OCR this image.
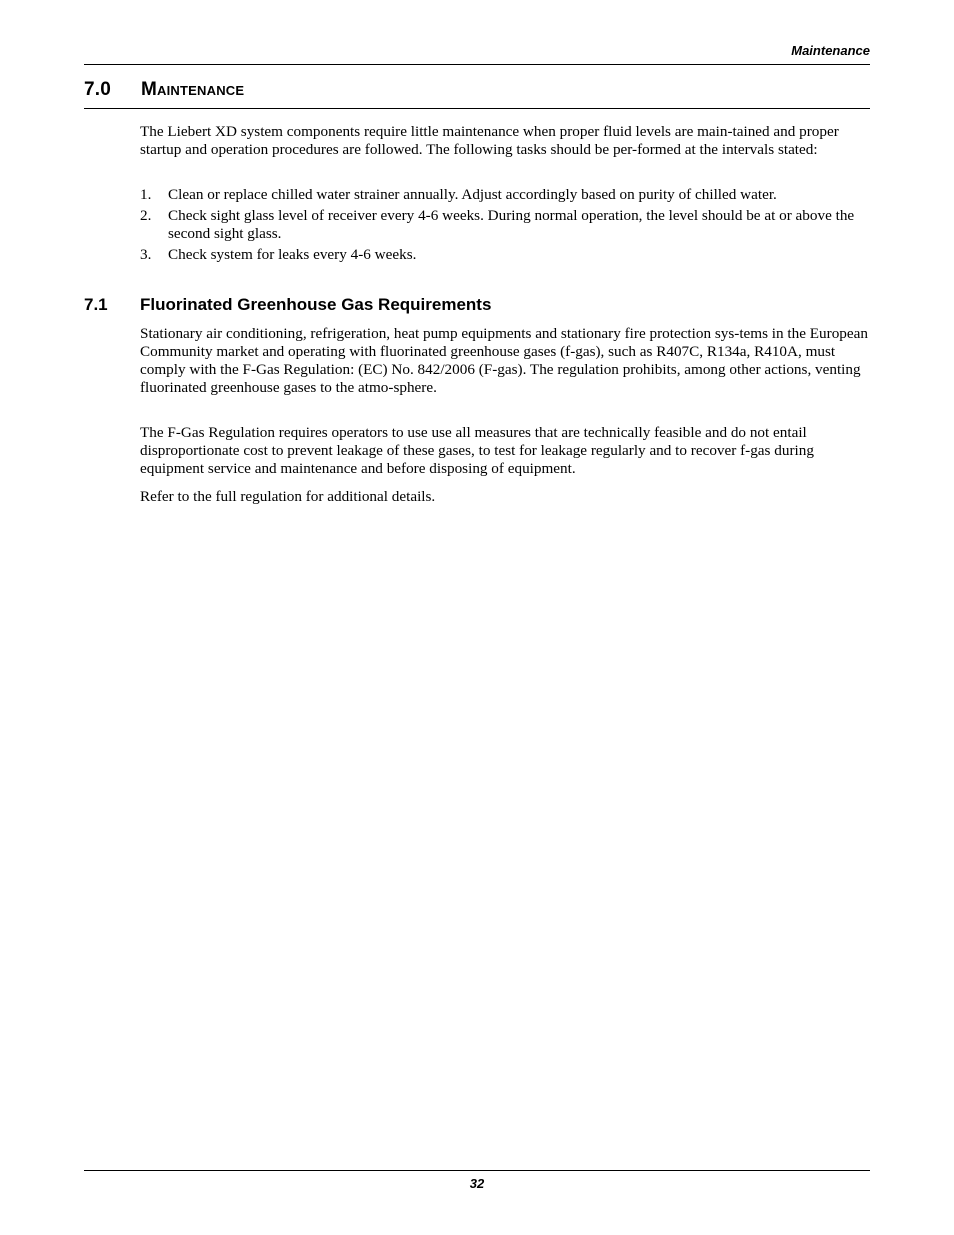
Maintenance
7.0 Maintenance

The Liebert XD system components require little maintenance when proper fluid levels are main-tained and proper startup and operation procedures are followed. The following tasks should be per-formed at the intervals stated:

1. Clean or replace chilled water strainer annually. Adjust accordingly based on purity of chilled water.
2. Check sight glass level of receiver every 4-6 weeks. During normal operation, the level should be at or above the second sight glass.
3. Check system for leaks every 4-6 weeks.
7.1 Fluorinated Greenhouse Gas Requirements

Stationary air conditioning, refrigeration, heat pump equipments and stationary fire protection sys-tems in the European Community market and operating with fluorinated greenhouse gases (f-gas), such as R407C, R134a, R410A, must comply with the F-Gas Regulation: (EC) No. 842/2006 (F-gas). The regulation prohibits, among other actions, venting fluorinated greenhouse gases to the atmo-sphere.

The F-Gas Regulation requires operators to use use all measures that are technically feasible and do not entail disproportionate cost to prevent leakage of these gases, to test for leakage regularly and to recover f-gas during equipment service and maintenance and before disposing of equipment.

Refer to the full regulation for additional details.

32
